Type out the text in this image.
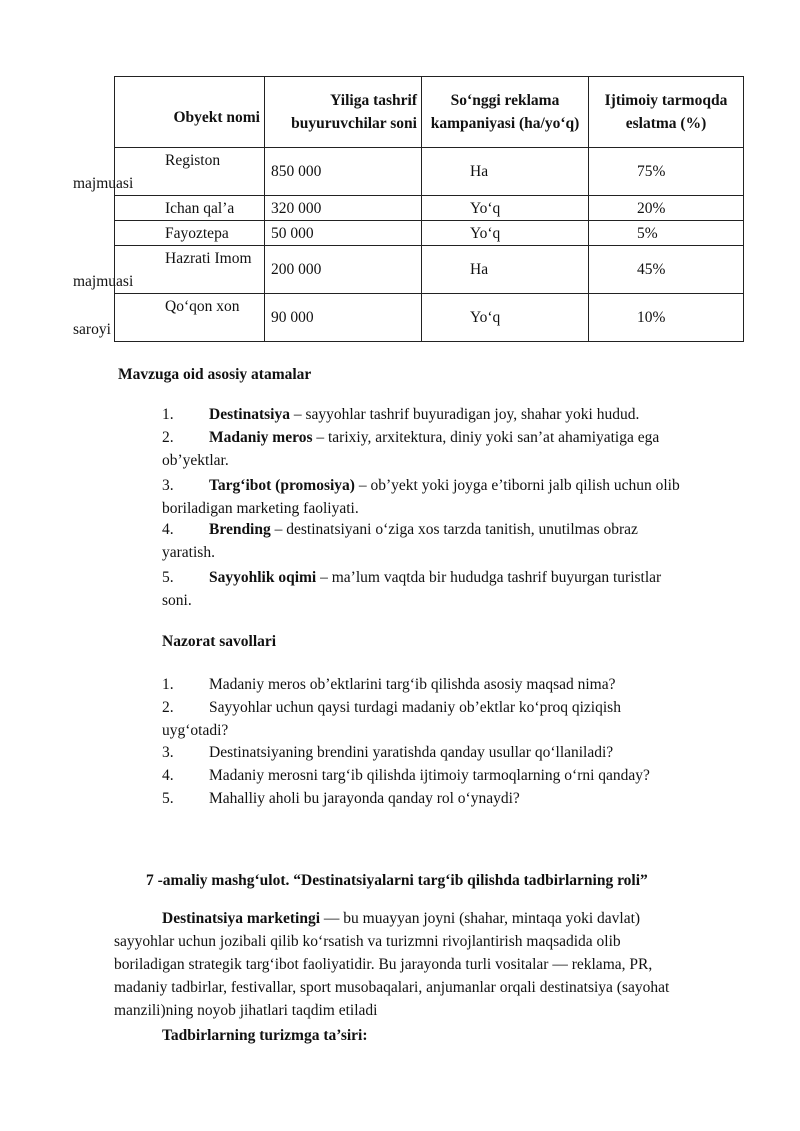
Obyekt nomi	Yiliga tashrif buyuruvchilar soni	So‘nggi reklama kampaniyasi (ha/yo‘q)	Ijtimoiy tarmoqda eslatma (%)
Registon
majmuasi	850 000	Ha	75%
Ichan qal’a	320 000	Yo‘q	20%
Fayoztepa	50 000	Yo‘q	5%
Hazrati Imom
majmuasi	200 000	Ha	45%
Qo‘qon xon
saroyi	90 000	Yo‘q	10%
Mavzuga oid asosiy atamalar
1. Destinatsiya – sayyohlar tashrif buyuradigan joy, shahar yoki hudud.
2. Madaniy meros – tarixiy, arxitektura, diniy yoki san’at ahamiyatiga ega
ob’yektlar.
3. Targ‘ibot (promosiya) – ob’yekt yoki joyga e’tiborni jalb qilish uchun olib
boriladigan marketing faoliyati.
4. Brending – destinatsiyani o‘ziga xos tarzda tanitish, unutilmas obraz
yaratish.
5. Sayyohlik oqimi – ma’lum vaqtda bir hududga tashrif buyurgan turistlar
soni.
Nazorat savollari
1. Madaniy meros ob’ektlarini targ‘ib qilishda asosiy maqsad nima?
2. Sayyohlar uchun qaysi turdagi madaniy ob’ektlar ko‘proq qiziqish
uyg‘otadi?
3. Destinatsiyaning brendini yaratishda qanday usullar qo‘llaniladi?
4. Madaniy merosni targ‘ib qilishda ijtimoiy tarmoqlarning o‘rni qanday?
5. Mahalliy aholi bu jarayonda qanday rol o‘ynaydi?
7 -amaliy mashg‘ulot. “Destinatsiyalarni targ‘ib qilishda tadbirlarning roli”
Destinatsiya marketingi — bu muayyan joyni (shahar, mintaqa yoki davlat)
sayyohlar uchun jozibali qilib ko‘rsatish va turizmni rivojlantirish maqsadida olib
boriladigan strategik targ‘ibot faoliyatidir. Bu jarayonda turli vositalar — reklama, PR,
madaniy tadbirlar, festivallar, sport musobaqalari, anjumanlar orqali destinatsiya (sayohat
manzili)ning noyob jihatlari taqdim etiladi
Tadbirlarning turizmga ta’siri:
